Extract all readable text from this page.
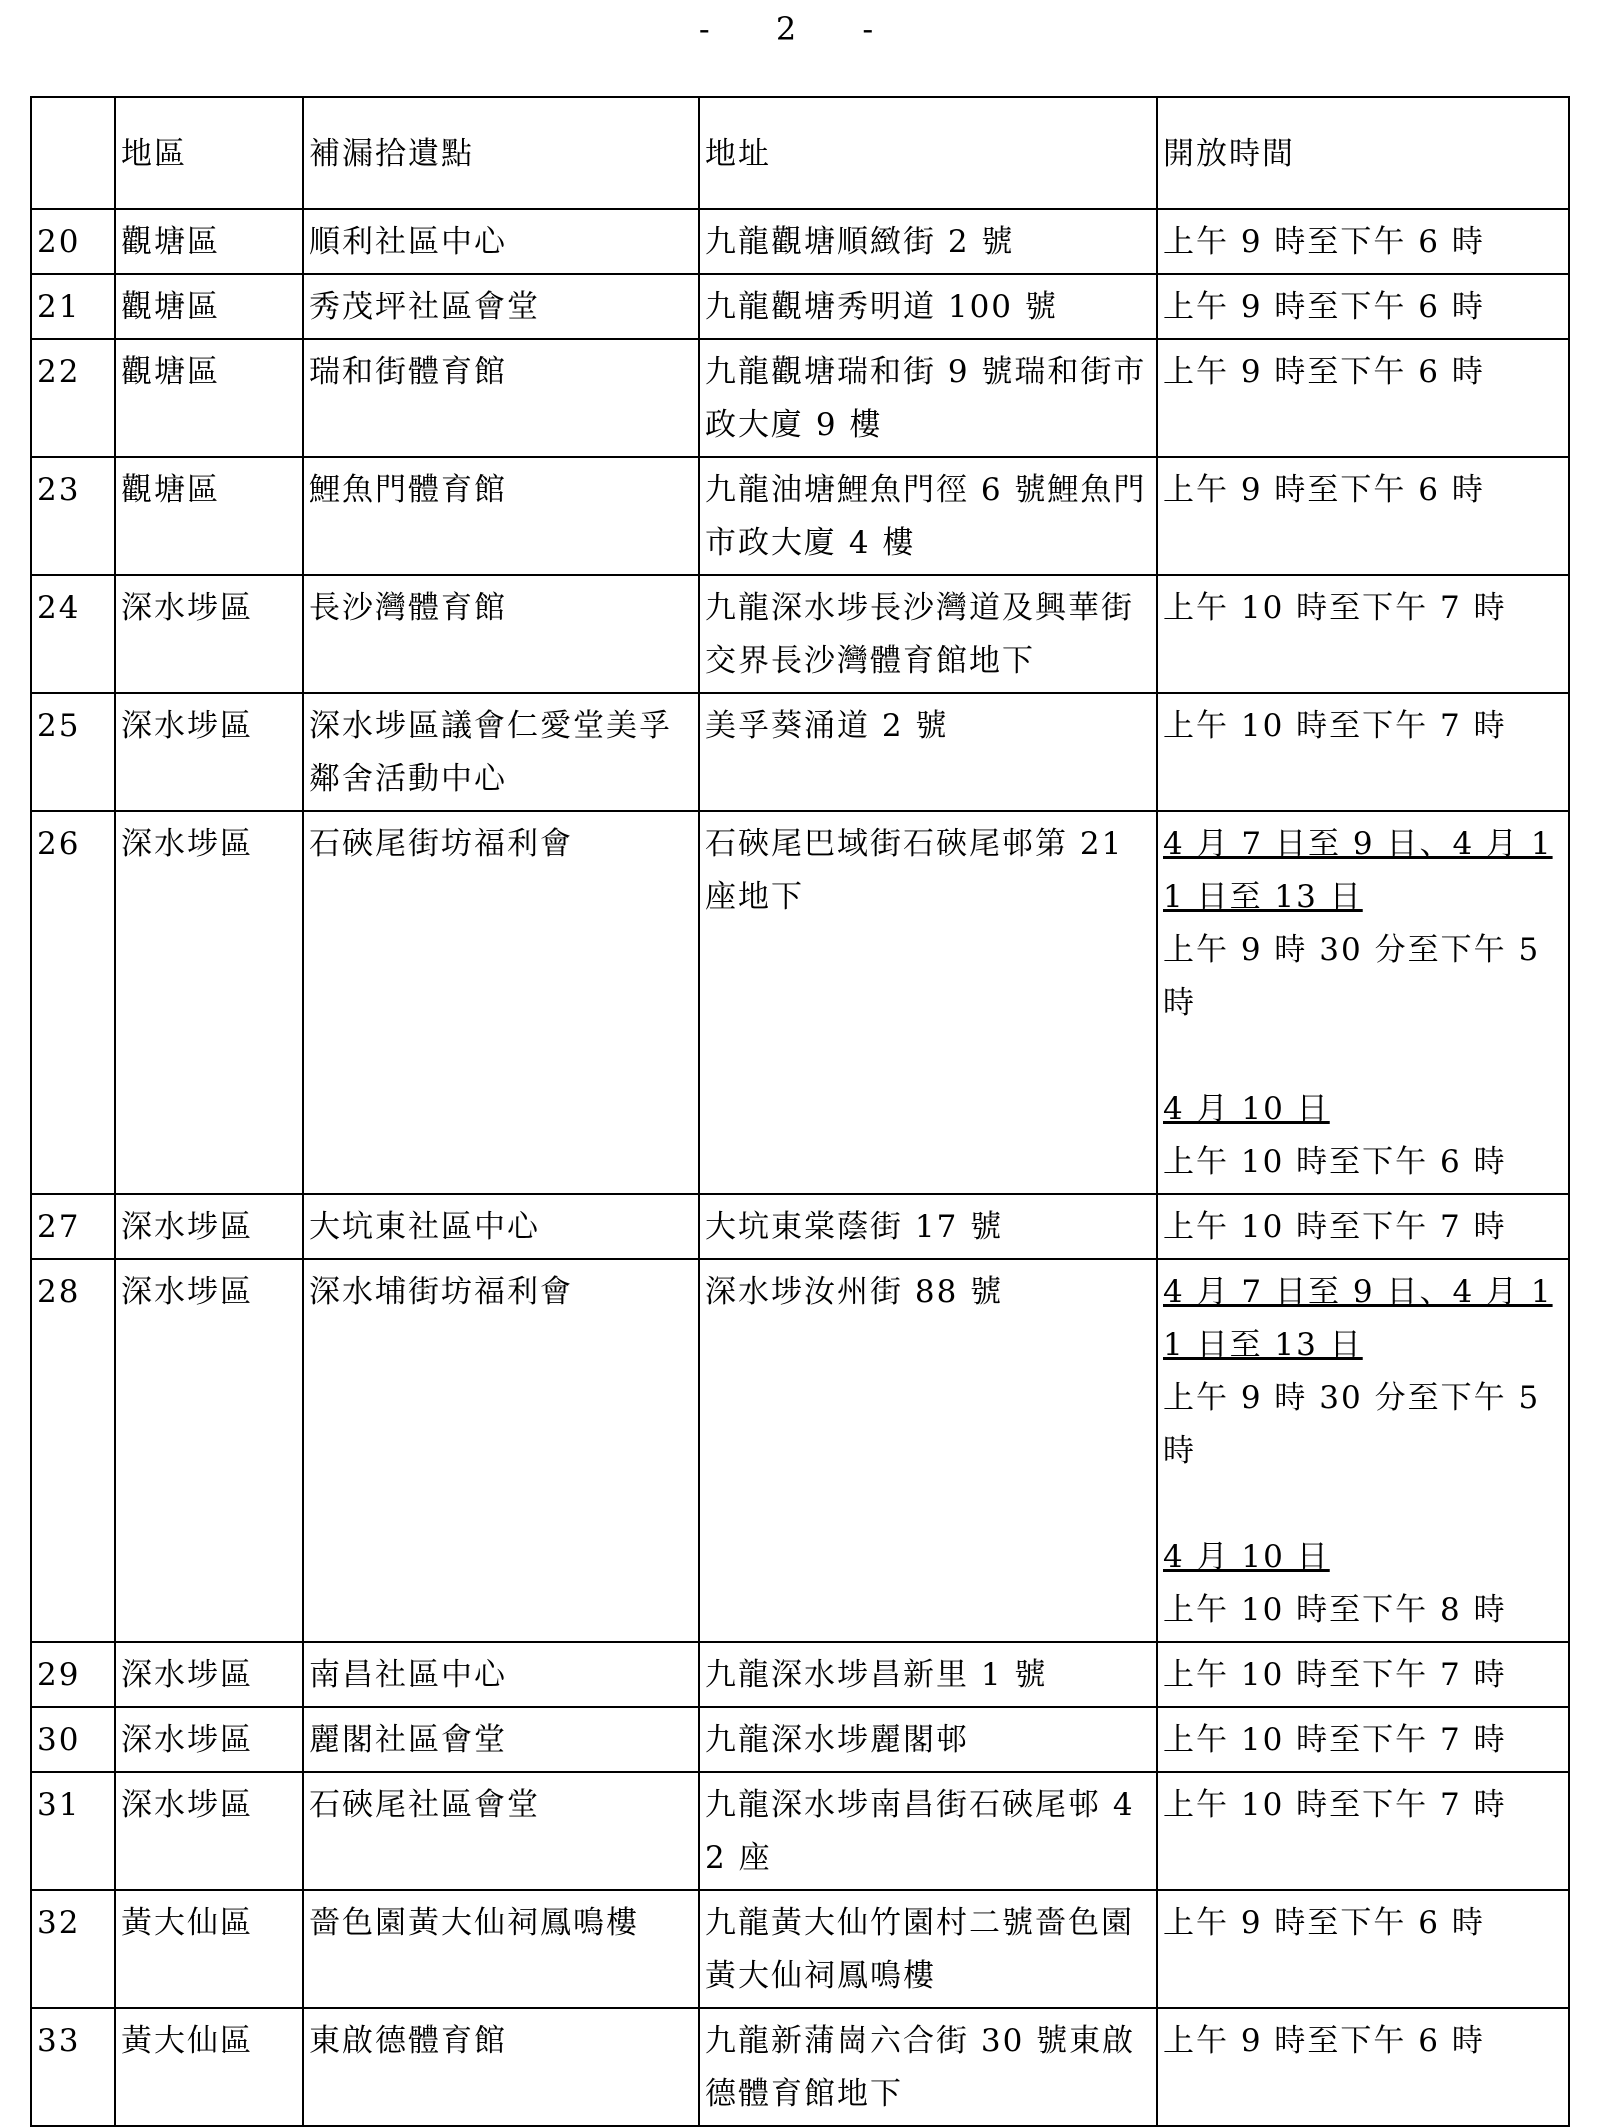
- 2 -
	地區	補漏拾遺點	地址	開放時間
20	觀塘區	順利社區中心	九龍觀塘順緻街 2 號	上午 9 時至下午 6 時

21	觀塘區	秀茂坪社區會堂	九龍觀塘秀明道 100 號	上午 9 時至下午 6 時

22	觀塘區	瑞和街體育館	九龍觀塘瑞和街 9 號瑞和街市政大廈 9 樓	上午 9 時至下午 6 時

23	觀塘區	鯉魚門體育館	九龍油塘鯉魚門徑 6 號鯉魚門市政大廈 4 樓	上午 9 時至下午 6 時

24	深水埗區	長沙灣體育館	九龍深水埗長沙灣道及興華街交界長沙灣體育館地下	上午 10 時至下午 7 時

25	深水埗區	深水埗區議會仁愛堂美孚鄰舍活動中心	美孚葵涌道 2 號	上午 10 時至下午 7 時

26	深水埗區	石硤尾街坊福利會	石硤尾巴域街石硤尾邨第 21 座地下	4 月 7 日至 9 日、4 月 11 日至 13 日
上午 9 時 30 分至下午 5 時
4 月 10 日
上午 10 時至下午 6 時

27	深水埗區	大坑東社區中心	大坑東棠蔭街 17 號	上午 10 時至下午 7 時

28	深水埗區	深水埔街坊福利會	深水埗汝州街 88 號	4 月 7 日至 9 日、4 月 11 日至 13 日
上午 9 時 30 分至下午 5 時
4 月 10 日
上午 10 時至下午 8 時

29	深水埗區	南昌社區中心	九龍深水埗昌新里 1 號	上午 10 時至下午 7 時

30	深水埗區	麗閣社區會堂	九龍深水埗麗閣邨	上午 10 時至下午 7 時

31	深水埗區	石硤尾社區會堂	九龍深水埗南昌街石硤尾邨 42 座	上午 10 時至下午 7 時

32	黃大仙區	嗇色園黃大仙祠鳳鳴樓	九龍黃大仙竹園村二號嗇色園黃大仙祠鳳鳴樓	上午 9 時至下午 6 時

33	黃大仙區	東啟德體育館	九龍新蒲崗六合街 30 號東啟德體育館地下	上午 9 時至下午 6 時
